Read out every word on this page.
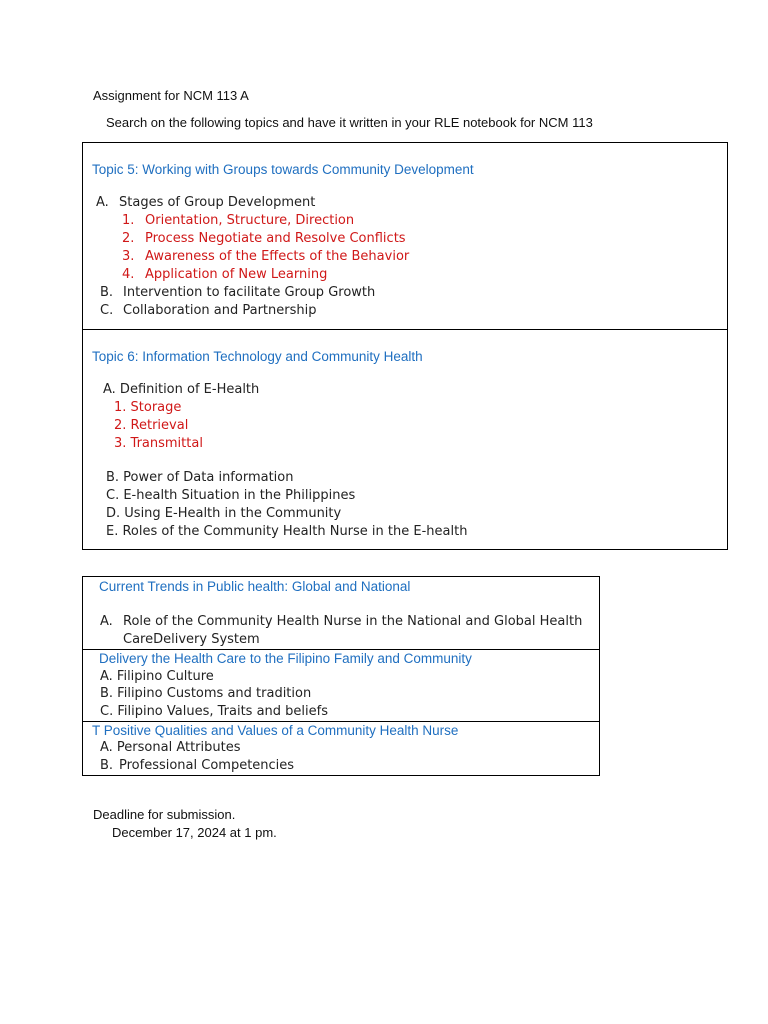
Assignment for NCM 113 A
Search on the following topics and have it written in your RLE notebook for NCM 113
Topic 5: Working with Groups towards Community Development
A. Stages of Group Development
1. Orientation, Structure, Direction
2. Process Negotiate and Resolve Conflicts
3. Awareness of the Effects of the Behavior
4. Application of New Learning
B. Intervention to facilitate Group Growth
C. Collaboration and Partnership
Topic 6: Information Technology and Community Health
A. Definition of E-Health
1. Storage
2. Retrieval
3. Transmittal
B. Power of Data information
C. E-health Situation in the Philippines
D. Using E-Health in the Community
E. Roles of the Community Health Nurse in the E-health
Current Trends in Public health: Global and National
A. Role of the Community Health Nurse in the National and Global Health
CareDelivery System
Delivery the Health Care to the Filipino Family and Community
A. Filipino Culture
B. Filipino Customs and tradition
C. Filipino Values, Traits and beliefs
T Positive Qualities and Values of a Community Health Nurse
A. Personal Attributes
B. Professional Competencies
Deadline for submission.
December 17, 2024 at 1 pm.
